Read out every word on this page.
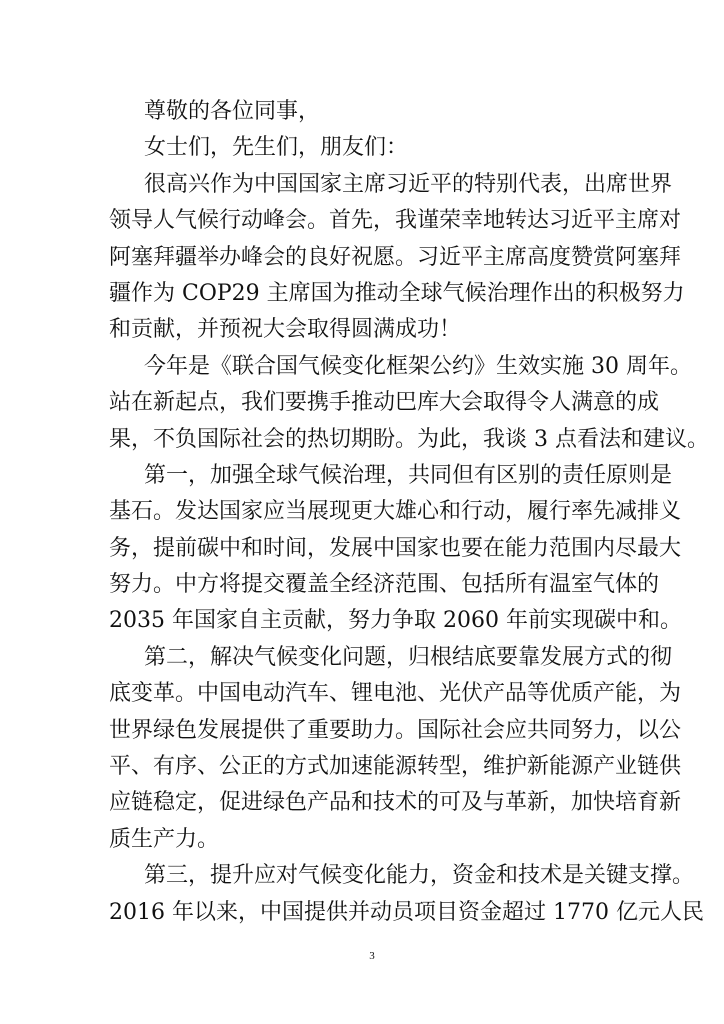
尊敬的各位同事，
女士们，先生们，朋友们：
很高兴作为中国国家主席习近平的特别代表，出席世界
领导人气候行动峰会。首先，我谨荣幸地转达习近平主席对
阿塞拜疆举办峰会的良好祝愿。习近平主席高度赞赏阿塞拜
疆作为 COP29 主席国为推动全球气候治理作出的积极努力
和贡献，并预祝大会取得圆满成功！
今年是《联合国气候变化框架公约》生效实施 30 周年。
站在新起点，我们要携手推动巴库大会取得令人满意的成
果，不负国际社会的热切期盼。为此，我谈 3 点看法和建议。
第一，加强全球气候治理，共同但有区别的责任原则是
基石。发达国家应当展现更大雄心和行动，履行率先减排义
务，提前碳中和时间，发展中国家也要在能力范围内尽最大
努力。中方将提交覆盖全经济范围、包括所有温室气体的
2035 年国家自主贡献，努力争取 2060 年前实现碳中和。
第二，解决气候变化问题，归根结底要靠发展方式的彻
底变革。中国电动汽车、锂电池、光伏产品等优质产能，为
世界绿色发展提供了重要助力。国际社会应共同努力，以公
平、有序、公正的方式加速能源转型，维护新能源产业链供
应链稳定，促进绿色产品和技术的可及与革新，加快培育新
质生产力。
第三，提升应对气候变化能力，资金和技术是关键支撑。
2016 年以来，中国提供并动员项目资金超过 1770 亿元人民
3
